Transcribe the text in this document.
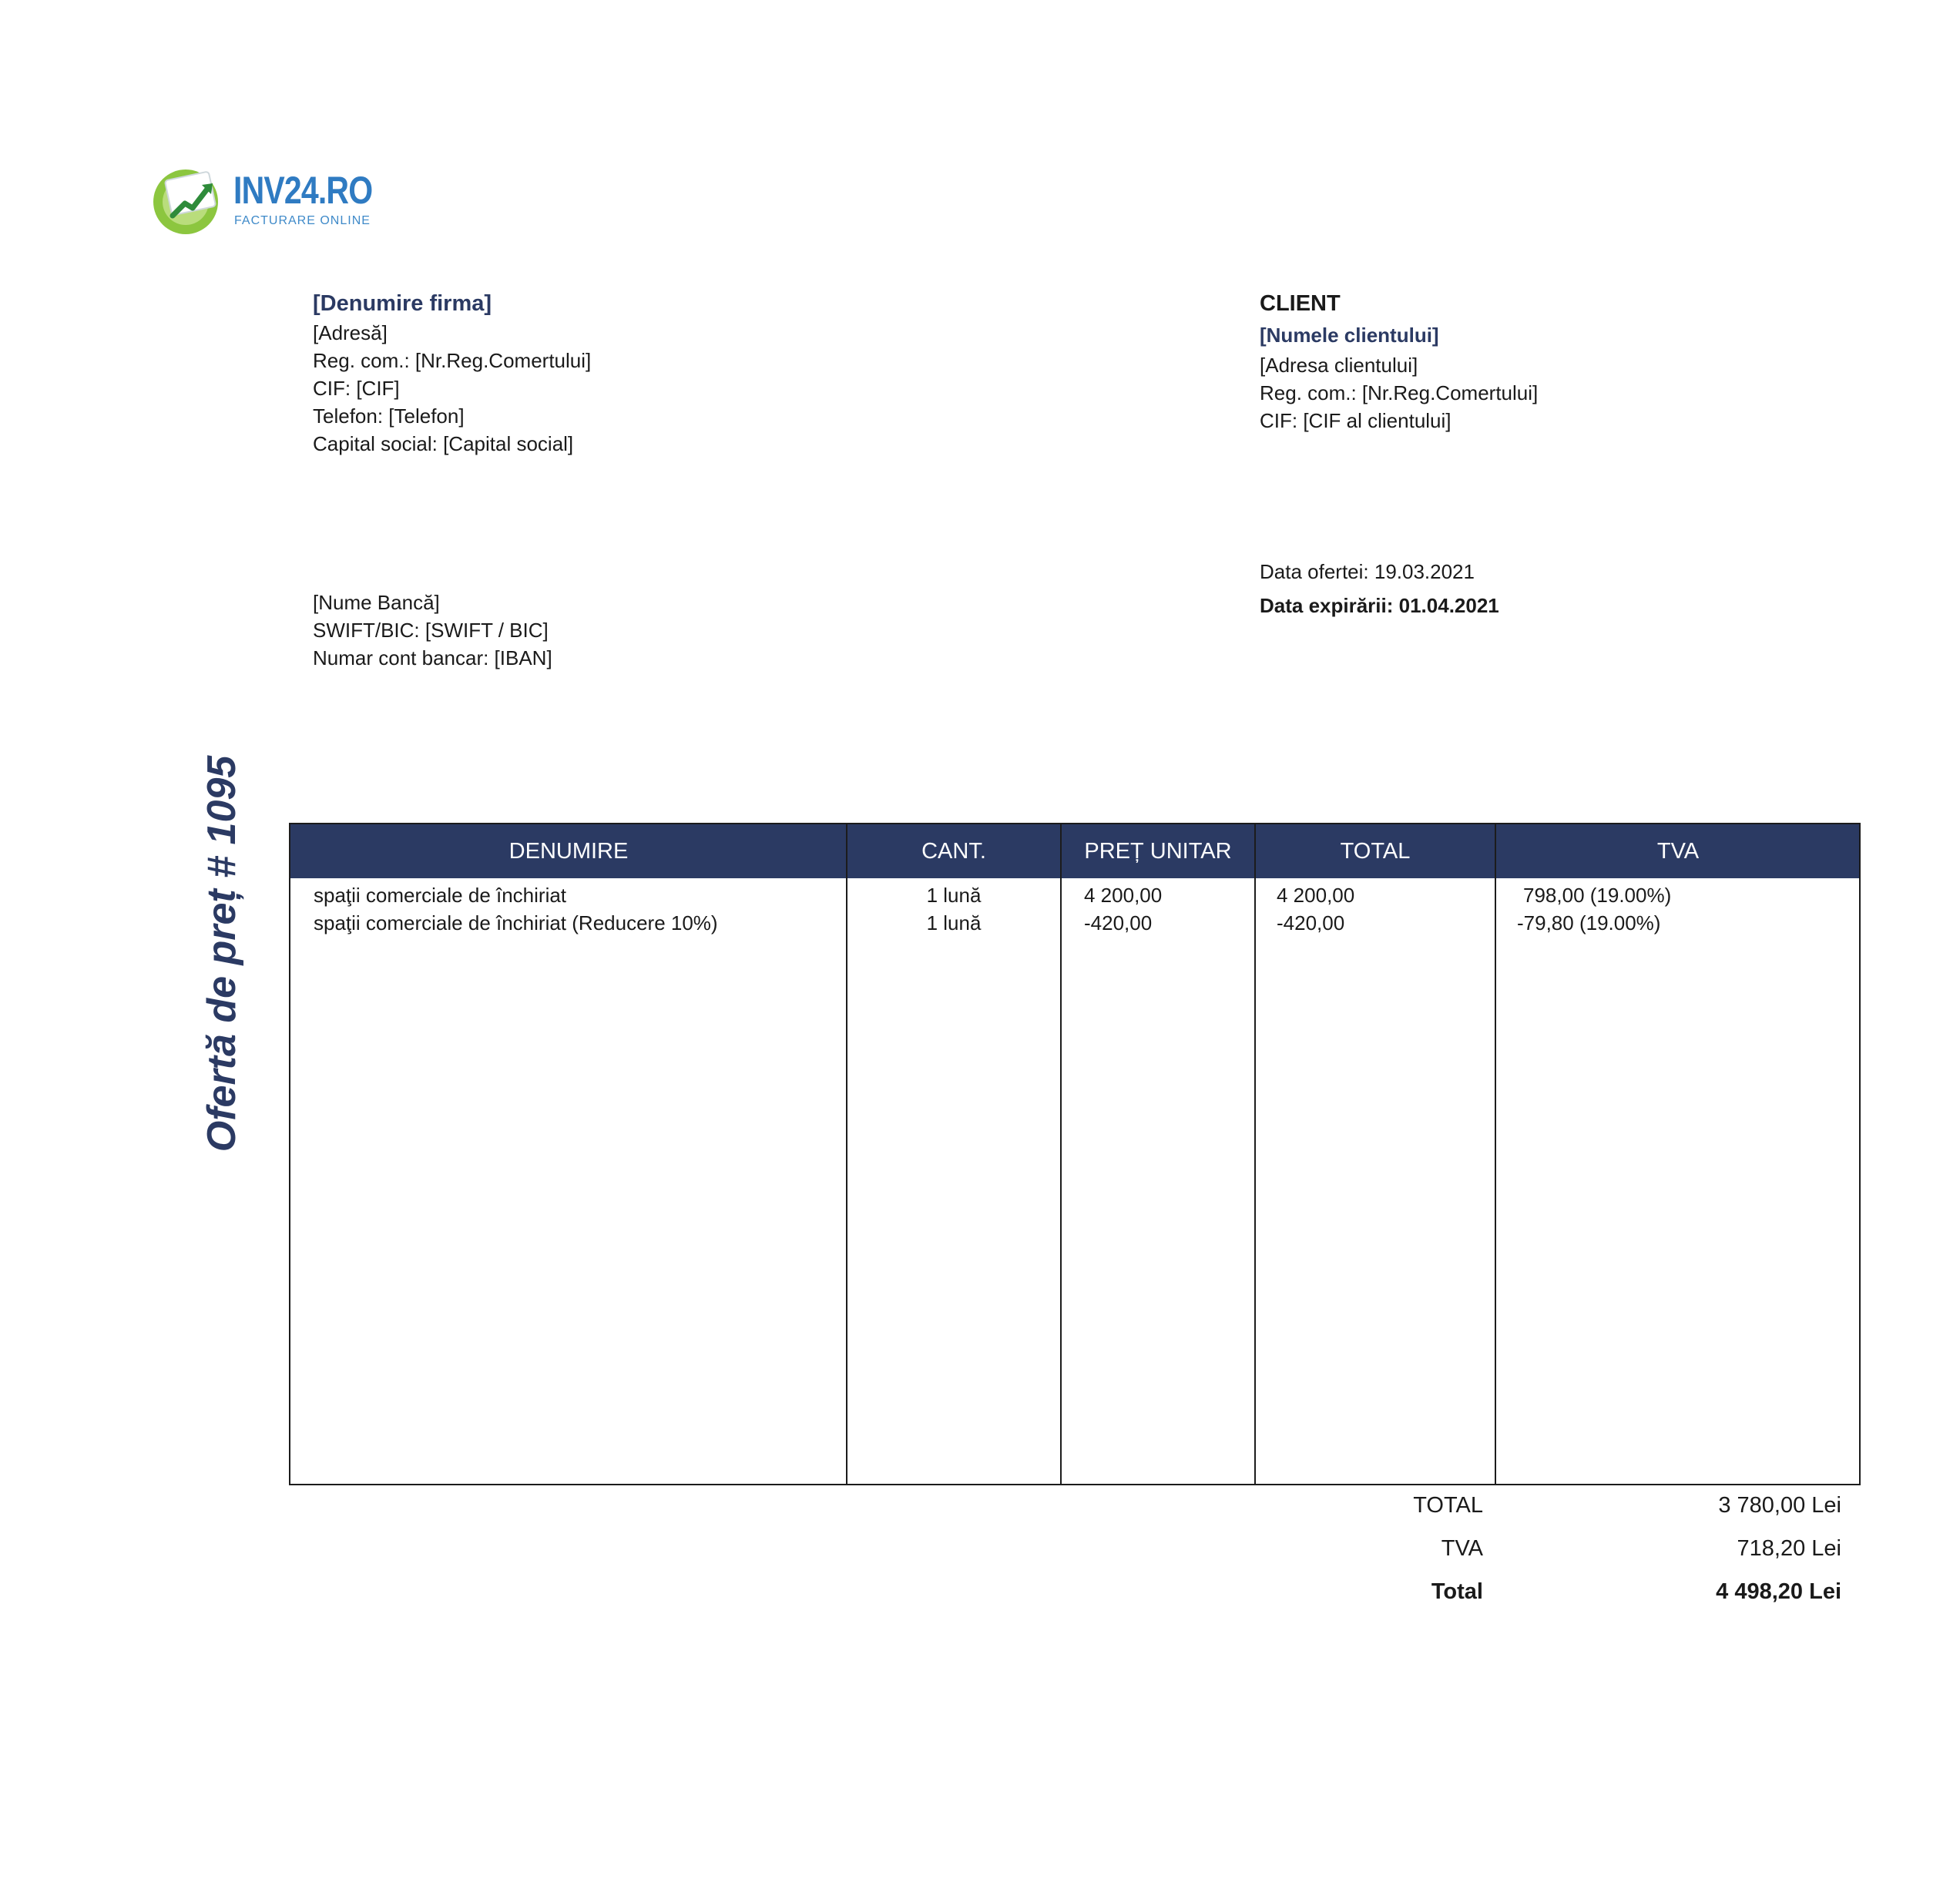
INV24.RO
FACTURARE ONLINE
[Denumire firma]
[Adresă]
Reg. com.: [Nr.Reg.Comertului]
CIF: [CIF]
Telefon: [Telefon]
Capital social: [Capital social]
CLIENT
[Numele clientului]
[Adresa clientului]
Reg. com.: [Nr.Reg.Comertului]
CIF: [CIF al clientului]
Data ofertei: 19.03.2021
Data expirării: 01.04.2021
[Nume Bancă]
SWIFT/BIC: [SWIFT / BIC]
Numar cont bancar: [IBAN]
Ofertă de preț # 1095	DENUMIRE	CANT.	PREȚ UNITAR	TOTAL	TVA
spaţii comerciale de închiriat	1 lună	4 200,00	4 200,00	798,00 (19.00%)
spaţii comerciale de închiriat (Reducere 10%)	1 lună	-420,00	-420,00	-79,80 (19.00%)
TOTAL	3 780,00 Lei
TVA	718,20 Lei
Total	4 498,20 Lei
